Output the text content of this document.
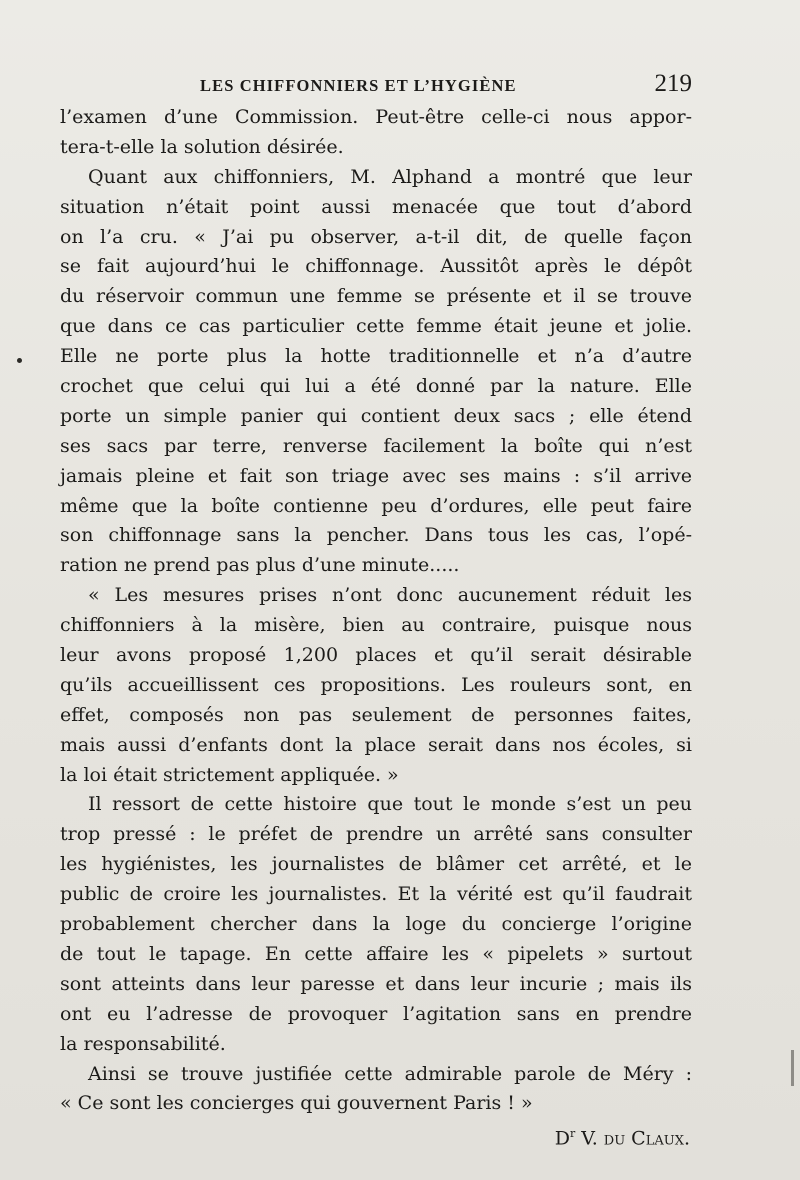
LES CHIFFONNIERS ET L’HYGIÈNE	219
l’examen d’une Commission. Peut-être celle-ci nous appor-
tera-t-elle la solution désirée.
Quant aux chiffonniers, M. Alphand a montré que leur
situation n’était point aussi menacée que tout d’abord
on l’a cru. « J’ai pu observer, a-t-il dit, de quelle façon
se fait aujourd’hui le chiffonnage. Aussitôt après le dépôt
du réservoir commun une femme se présente et il se trouve
que dans ce cas particulier cette femme était jeune et jolie.
Elle ne porte plus la hotte traditionnelle et n’a d’autre
crochet que celui qui lui a été donné par la nature. Elle
porte un simple panier qui contient deux sacs ; elle étend
ses sacs par terre, renverse facilement la boîte qui n’est
jamais pleine et fait son triage avec ses mains : s’il arrive
même que la boîte contienne peu d’ordures, elle peut faire
son chiffonnage sans la pencher. Dans tous les cas, l’opé-
ration ne prend pas plus d’une minute.....
« Les mesures prises n’ont donc aucunement réduit les
chiffonniers à la misère, bien au contraire, puisque nous
leur avons proposé 1,200 places et qu’il serait désirable
qu’ils accueillissent ces propositions. Les rouleurs sont, en
effet, composés non pas seulement de personnes faites,
mais aussi d’enfants dont la place serait dans nos écoles, si
la loi était strictement appliquée. »
Il ressort de cette histoire que tout le monde s’est un peu
trop pressé : le préfet de prendre un arrêté sans consulter
les hygiénistes, les journalistes de blâmer cet arrêté, et le
public de croire les journalistes. Et la vérité est qu’il faudrait
probablement chercher dans la loge du concierge l’origine
de tout le tapage. En cette affaire les « pipelets » surtout
sont atteints dans leur paresse et dans leur incurie ; mais ils
ont eu l’adresse de provoquer l’agitation sans en prendre
la responsabilité.
Ainsi se trouve justifiée cette admirable parole de Méry :
« Ce sont les concierges qui gouvernent Paris ! »
$D^r$ V. du Claux.
